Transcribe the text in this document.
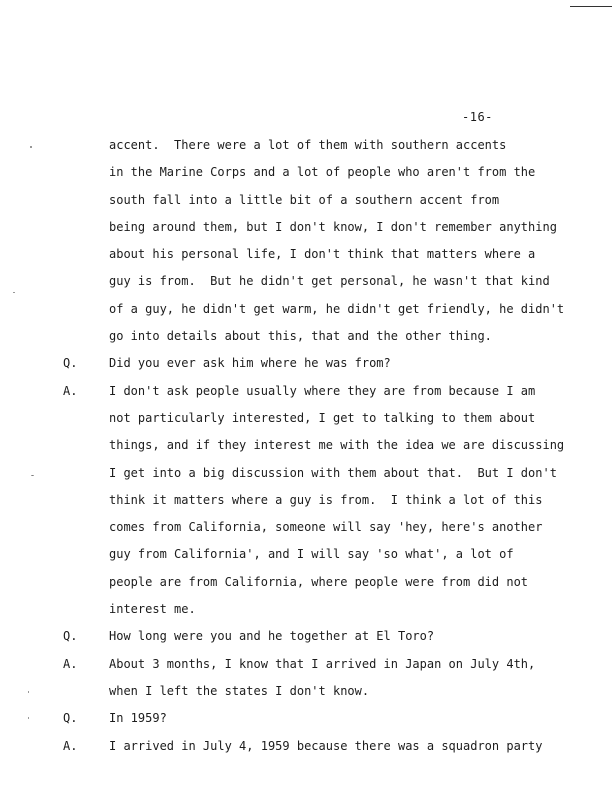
-16-
accent.  There were a lot of them with southern accents
in the Marine Corps and a lot of people who aren't from the
south fall into a little bit of a southern accent from
being around them, but I don't know, I don't remember anything
about his personal life, I don't think that matters where a
guy is from.  But he didn't get personal, he wasn't that kind
of a guy, he didn't get warm, he didn't get friendly, he didn't
go into details about this, that and the other thing.
Q.	Did you ever ask him where he was from?
A.	I don't ask people usually where they are from because I am
not particularly interested, I get to talking to them about
things, and if they interest me with the idea we are discussing
I get into a big discussion with them about that.  But I don't
think it matters where a guy is from.  I think a lot of this
comes from California, someone will say 'hey, here's another
guy from California', and I will say 'so what', a lot of
people are from California, where people were from did not
interest me.
Q.	How long were you and he together at El Toro?
A.	About 3 months, I know that I arrived in Japan on July 4th,
when I left the states I don't know.
Q.	In 1959?
A.	I arrived in July 4, 1959 because there was a squadron party
